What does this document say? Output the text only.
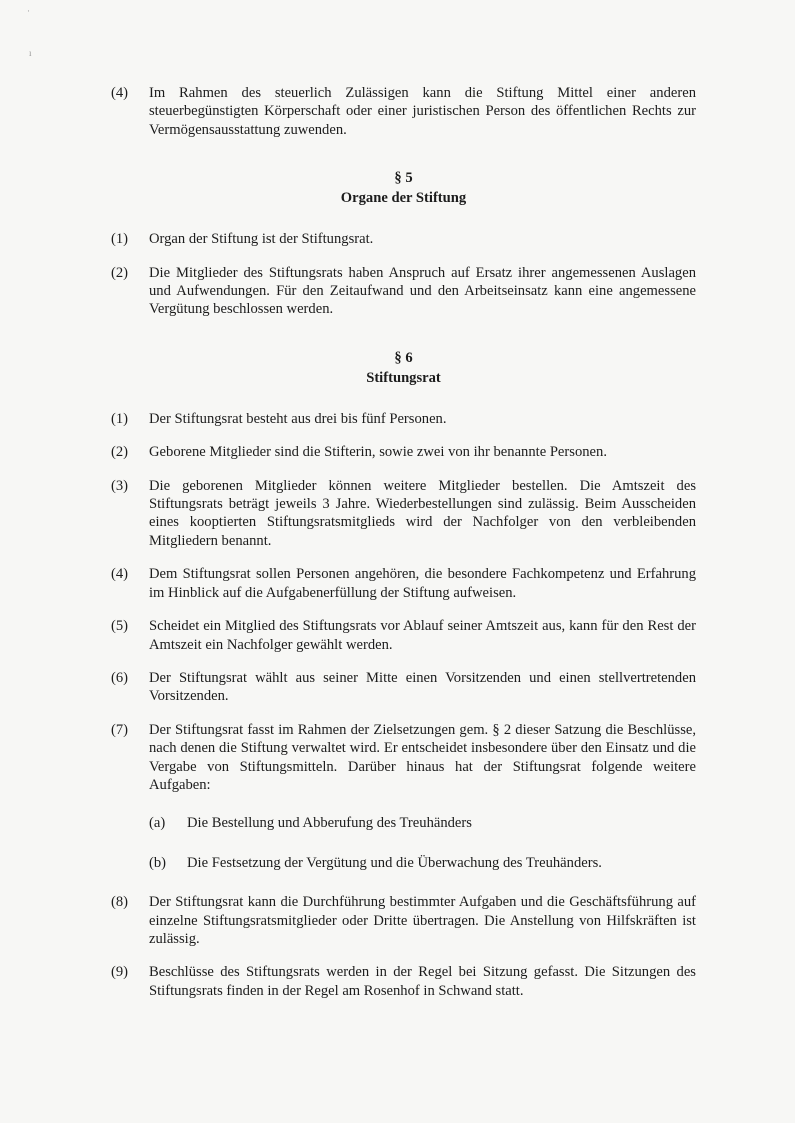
·
ı
(4) Im Rahmen des steuerlich Zulässigen kann die Stiftung Mittel einer anderen steuerbegünstigten Körperschaft oder einer juristischen Person des öffentlichen Rechts zur Vermögensausstattung zuwenden.
§ 5
Organe der Stiftung
(1) Organ der Stiftung ist der Stiftungsrat.
(2) Die Mitglieder des Stiftungsrats haben Anspruch auf Ersatz ihrer angemessenen Auslagen und Aufwendungen. Für den Zeitaufwand und den Arbeitseinsatz kann eine angemessene Vergütung beschlossen werden.
§ 6
Stiftungsrat
(1) Der Stiftungsrat besteht aus drei bis fünf Personen.
(2) Geborene Mitglieder sind die Stifterin, sowie zwei von ihr benannte Personen.
(3) Die geborenen Mitglieder können weitere Mitglieder bestellen. Die Amtszeit des Stiftungsrats beträgt jeweils 3 Jahre. Wiederbestellungen sind zulässig. Beim Ausscheiden eines kooptierten Stiftungsratsmitglieds wird der Nachfolger von den verbleibenden Mitgliedern benannt.
(4) Dem Stiftungsrat sollen Personen angehören, die besondere Fachkompetenz und Erfahrung im Hinblick auf die Aufgabenerfüllung der Stiftung aufweisen.
(5) Scheidet ein Mitglied des Stiftungsrats vor Ablauf seiner Amtszeit aus, kann für den Rest der Amtszeit ein Nachfolger gewählt werden.
(6) Der Stiftungsrat wählt aus seiner Mitte einen Vorsitzenden und einen stellvertretenden Vorsitzenden.
(7) Der Stiftungsrat fasst im Rahmen der Zielsetzungen gem. § 2 dieser Satzung die Beschlüsse, nach denen die Stiftung verwaltet wird. Er entscheidet insbesondere über den Einsatz und die Vergabe von Stiftungsmitteln. Darüber hinaus hat der Stiftungsrat folgende weitere Aufgaben:
(a) Die Bestellung und Abberufung des Treuhänders
(b) Die Festsetzung der Vergütung und die Überwachung des Treuhänders.
(8) Der Stiftungsrat kann die Durchführung bestimmter Aufgaben und die Geschäftsführung auf einzelne Stiftungsratsmitglieder oder Dritte übertragen. Die Anstellung von Hilfskräften ist zulässig.
(9) Beschlüsse des Stiftungsrats werden in der Regel bei Sitzung gefasst. Die Sitzungen des Stiftungsrats finden in der Regel am Rosenhof in Schwand statt.
